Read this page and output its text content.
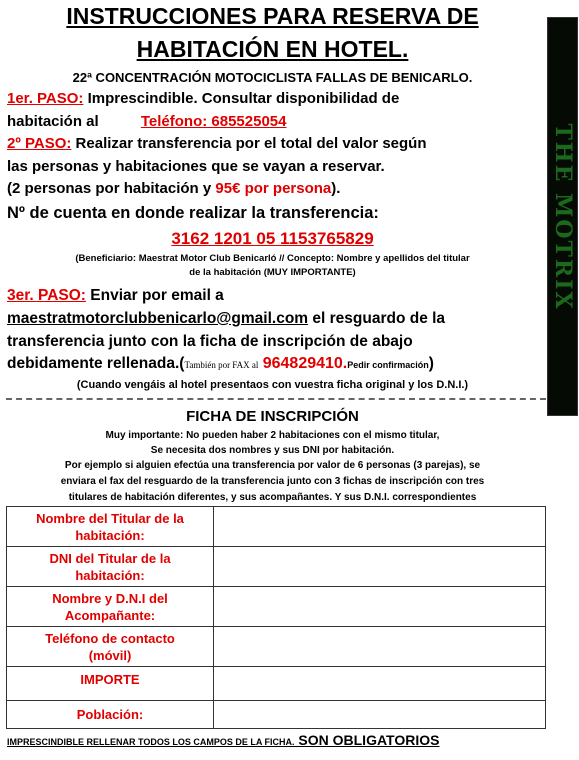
THE MOTRIX
INSTRUCCIONES PARA RESERVA DE
HABITACIÓN EN HOTEL.
22ª CONCENTRACIÓN MOTOCICLISTA FALLAS DE BENICARLO.
1er. PASO: Imprescindible. Consultar disponibilidad de
habitación al	Teléfono: 685525054
2º PASO: Realizar transferencia por el total del valor según
las personas y habitaciones que se vayan a reservar.
(2 personas por habitación y 95€ por persona).
Nº de cuenta en donde realizar la transferencia:
3162 1201 05 1153765829
(Beneficiario: Maestrat Motor Club Benicarló // Concepto: Nombre y apellidos del titular
de la habitación (MUY IMPORTANTE)
3er. PASO: Enviar por email a
maestratmotorclubbenicarlo@gmail.com el resguardo de la
transferencia junto con la ficha de inscripción de abajo
debidamente rellenada.(También por FAX al 964829410.Pedir confirmación)
(Cuando vengáis al hotel presentaos con vuestra ficha original y los D.N.I.)
FICHA DE INSCRIPCIÓN
Muy importante: No pueden haber 2 habitaciones con el mismo titular,
Se necesita dos nombres y sus DNI por habitación.
Por ejemplo si alguien efectúa una transferencia por valor de 6 personas (3 parejas), se
enviara el fax del resguardo de la transferencia junto con 3 fichas de inscripción con tres
titulares de habitación diferentes, y sus acompañantes. Y sus D.N.I. correspondientes
Nombre del Titular de la
habitación:	
DNI del Titular de la
habitación:	
Nombre y D.N.I del
Acompañante:	
Teléfono de contacto
(móvil)	
IMPORTE	
Población:	
IMPRESCINDIBLE RELLENAR TODOS LOS CAMPOS DE LA FICHA. SON OBLIGATORIOS
